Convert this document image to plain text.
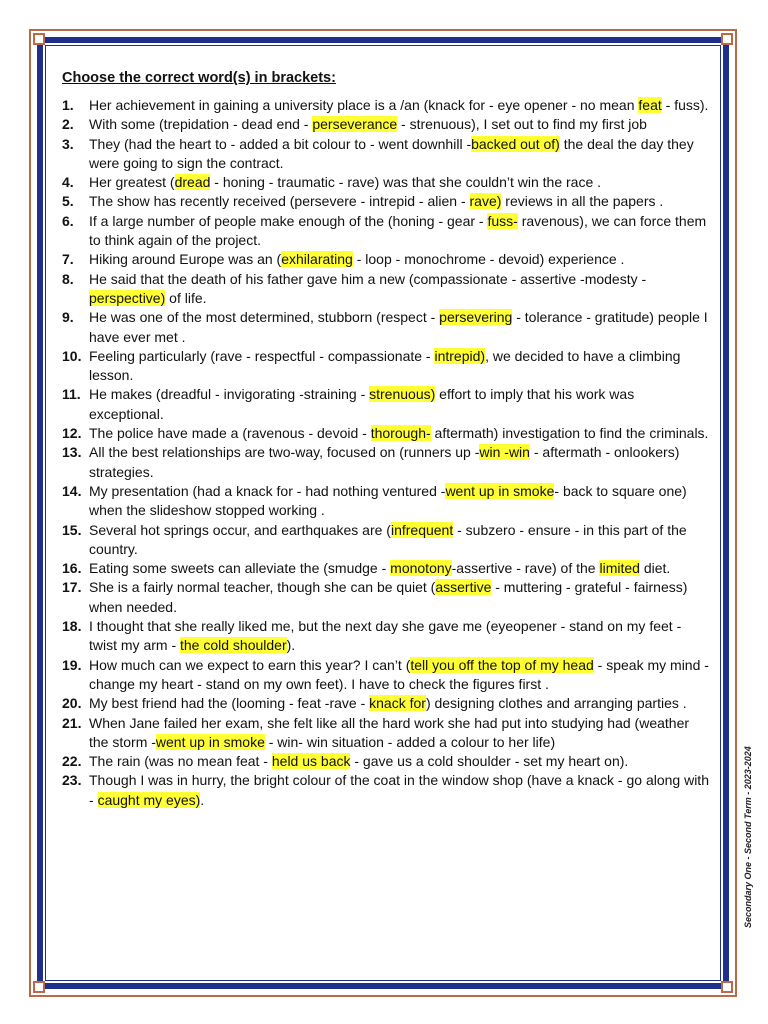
Choose the correct word(s) in brackets:
1.	Her achievement in gaining a university place is a /an (knack for - eye opener - no mean feat - fuss).
2.	With some (trepidation - dead end - perseverance - strenuous), I set out to find my first job
3.	They (had the heart to - added a bit colour to - went downhill -backed out of) the deal the day they were going to sign the contract.
4.	Her greatest (dread - honing - traumatic - rave) was that she couldn’t win the race .
5.	The show has recently received (persevere - intrepid - alien - rave) reviews in all the papers .
6.	If a large number of people make enough of the (honing - gear - fuss- ravenous), we can force them to think again of the project.
7.	Hiking around Europe was an (exhilarating - loop - monochrome - devoid) experience .
8.	He said that the death of his father gave him a new (compassionate - assertive -modesty - perspective) of life.
9.	He was one of the most determined, stubborn (respect - persevering - tolerance - gratitude) people I have ever met .
10. Feeling particularly (rave - respectful - compassionate - intrepid), we decided to have a climbing lesson.
11. He makes (dreadful - invigorating -straining - strenuous) effort to imply that his work was exceptional.
12. The police have made a (ravenous - devoid - thorough- aftermath) investigation to find the criminals.
13. All the best relationships are two-way, focused on (runners up -win -win - aftermath - onlookers) strategies.
14. My presentation (had a knack for - had nothing ventured -went up in smoke- back to square one) when the slideshow stopped working .
15. Several hot springs occur, and earthquakes are (infrequent - subzero - ensure - in this part of the country.
16. Eating some sweets can alleviate the (smudge - monotony-assertive - rave) of the limited diet.
17. She is a fairly normal teacher, though she can be quiet (assertive - muttering - grateful - fairness) when needed.
18. I thought that she really liked me, but the next day she gave me (eyeopener - stand on my feet - twist my arm - the cold shoulder).
19. How much can we expect to earn this year? I can’t (tell you off the top of my head - speak my mind - change my heart - stand on my own feet). I have to check the figures first .
20. My best friend had the (looming - feat -rave - knack for) designing clothes and arranging parties .
21. When Jane failed her exam, she felt like all the hard work she had put into studying had (weather the storm -went up in smoke - win- win situation - added a colour to her life)
22. The rain (was no mean feat - held us back - gave us a cold shoulder - set my heart on).
23. Though I was in hurry, the bright colour of the coat in the window shop (have a knack - go along with - caught my eyes).	Secondary One - Second Term - 2023-2024
